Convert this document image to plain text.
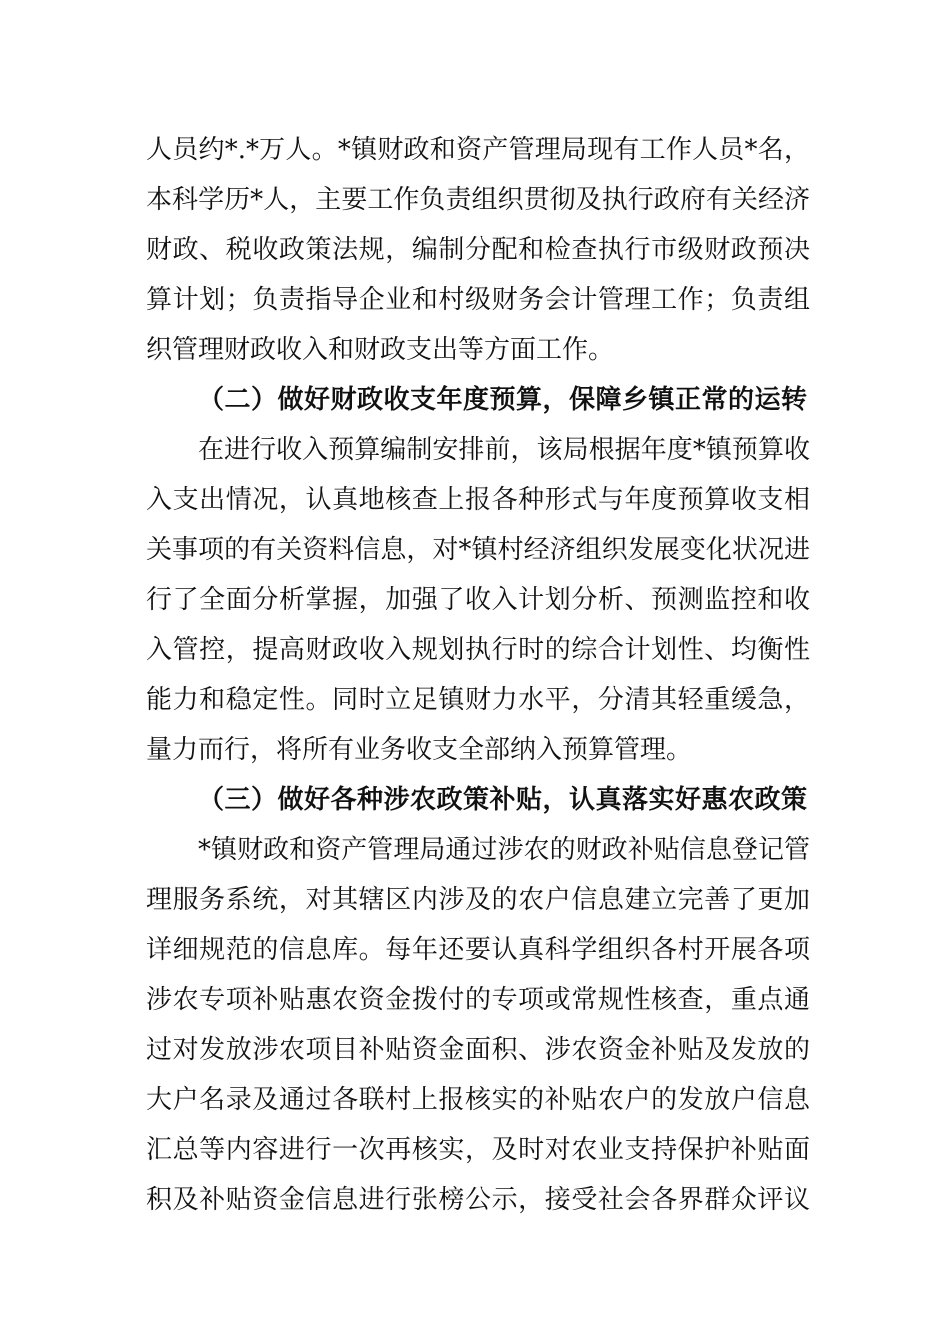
人员约*.*万人。*镇财政和资产管理局现有工作人员*名，
本科学历*人，主要工作负责组织贯彻及执行政府有关经济
财政、税收政策法规，编制分配和检查执行市级财政预决
算计划；负责指导企业和村级财务会计管理工作；负责组
织管理财政收入和财政支出等方面工作。
（二）做好财政收支年度预算，保障乡镇正常的运转
在进行收入预算编制安排前，该局根据年度*镇预算收
入支出情况，认真地核查上报各种形式与年度预算收支相
关事项的有关资料信息，对*镇村经济组织发展变化状况进
行了全面分析掌握，加强了收入计划分析、预测监控和收
入管控，提高财政收入规划执行时的综合计划性、均衡性
能力和稳定性。同时立足镇财力水平，分清其轻重缓急，
量力而行，将所有业务收支全部纳入预算管理。
（三）做好各种涉农政策补贴，认真落实好惠农政策
*镇财政和资产管理局通过涉农的财政补贴信息登记管
理服务系统，对其辖区内涉及的农户信息建立完善了更加
详细规范的信息库。每年还要认真科学组织各村开展各项
涉农专项补贴惠农资金拨付的专项或常规性核查，重点通
过对发放涉农项目补贴资金面积、涉农资金补贴及发放的
大户名录及通过各联村上报核实的补贴农户的发放户信息
汇总等内容进行一次再核实，及时对农业支持保护补贴面
积及补贴资金信息进行张榜公示，接受社会各界群众评议
